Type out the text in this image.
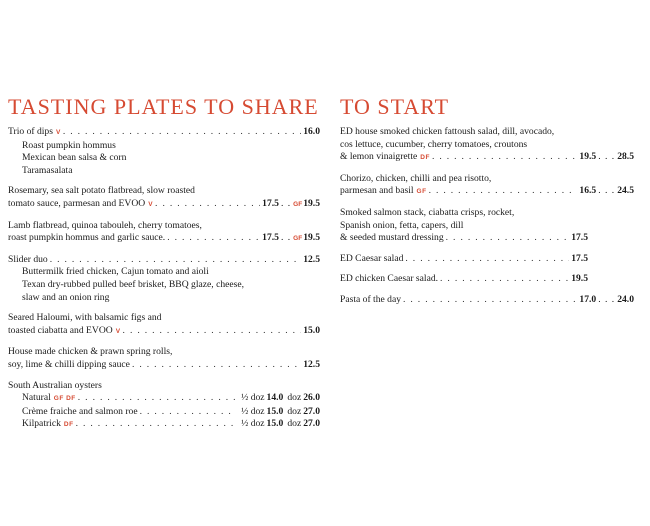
TASTING PLATES TO SHARE
Trio of dips V . . .	16.0
Roast pumpkin hommus
Mexican bean salsa & corn
Taramasalata
Rosemary, sea salt potato flatbread, slow roasted
tomato sauce, parmesan and EVOO V . . .	17.5 . . GF 19.5
Lamb flatbread, quinoa tabouleh, cherry tomatoes,
roast pumpkin hommus and garlic sauce. . . .	17.5 . . GF 19.5
Slider duo . . .	12.5
Buttermilk fried chicken, Cajun tomato and aioli
Texan dry-rubbed pulled beef brisket, BBQ glaze, cheese,
slaw and an onion ring
Seared Haloumi, with balsamic figs and
toasted ciabatta and EVOO V . . .	15.0
House made chicken & prawn spring rolls,
soy, lime & chilli dipping sauce . . .	12.5
South Australian oysters
Natural GF DF . . .	½ doz 14.0 doz 26.0
Crème fraiche and salmon roe . . .	½ doz 15.0 doz 27.0
Kilpatrick DF . . .	½ doz 15.0 doz 27.0
TO START
ED house smoked chicken fattoush salad, dill, avocado,
cos lettuce, cucumber, cherry tomatoes, croutons
& lemon vinaigrette DF . . .	19.5 . . . 28.5
Chorizo, chicken, chilli and pea risotto,
parmesan and basil GF . . .	16.5 . . . 24.5
Smoked salmon stack, ciabatta crisps, rocket,
Spanish onion, fetta, capers, dill
& seeded mustard dressing . . .	17.5
ED Caesar salad . . .	17.5
ED chicken Caesar salad. . . .	19.5
Pasta of the day . . .	17.0 . . . 24.0
